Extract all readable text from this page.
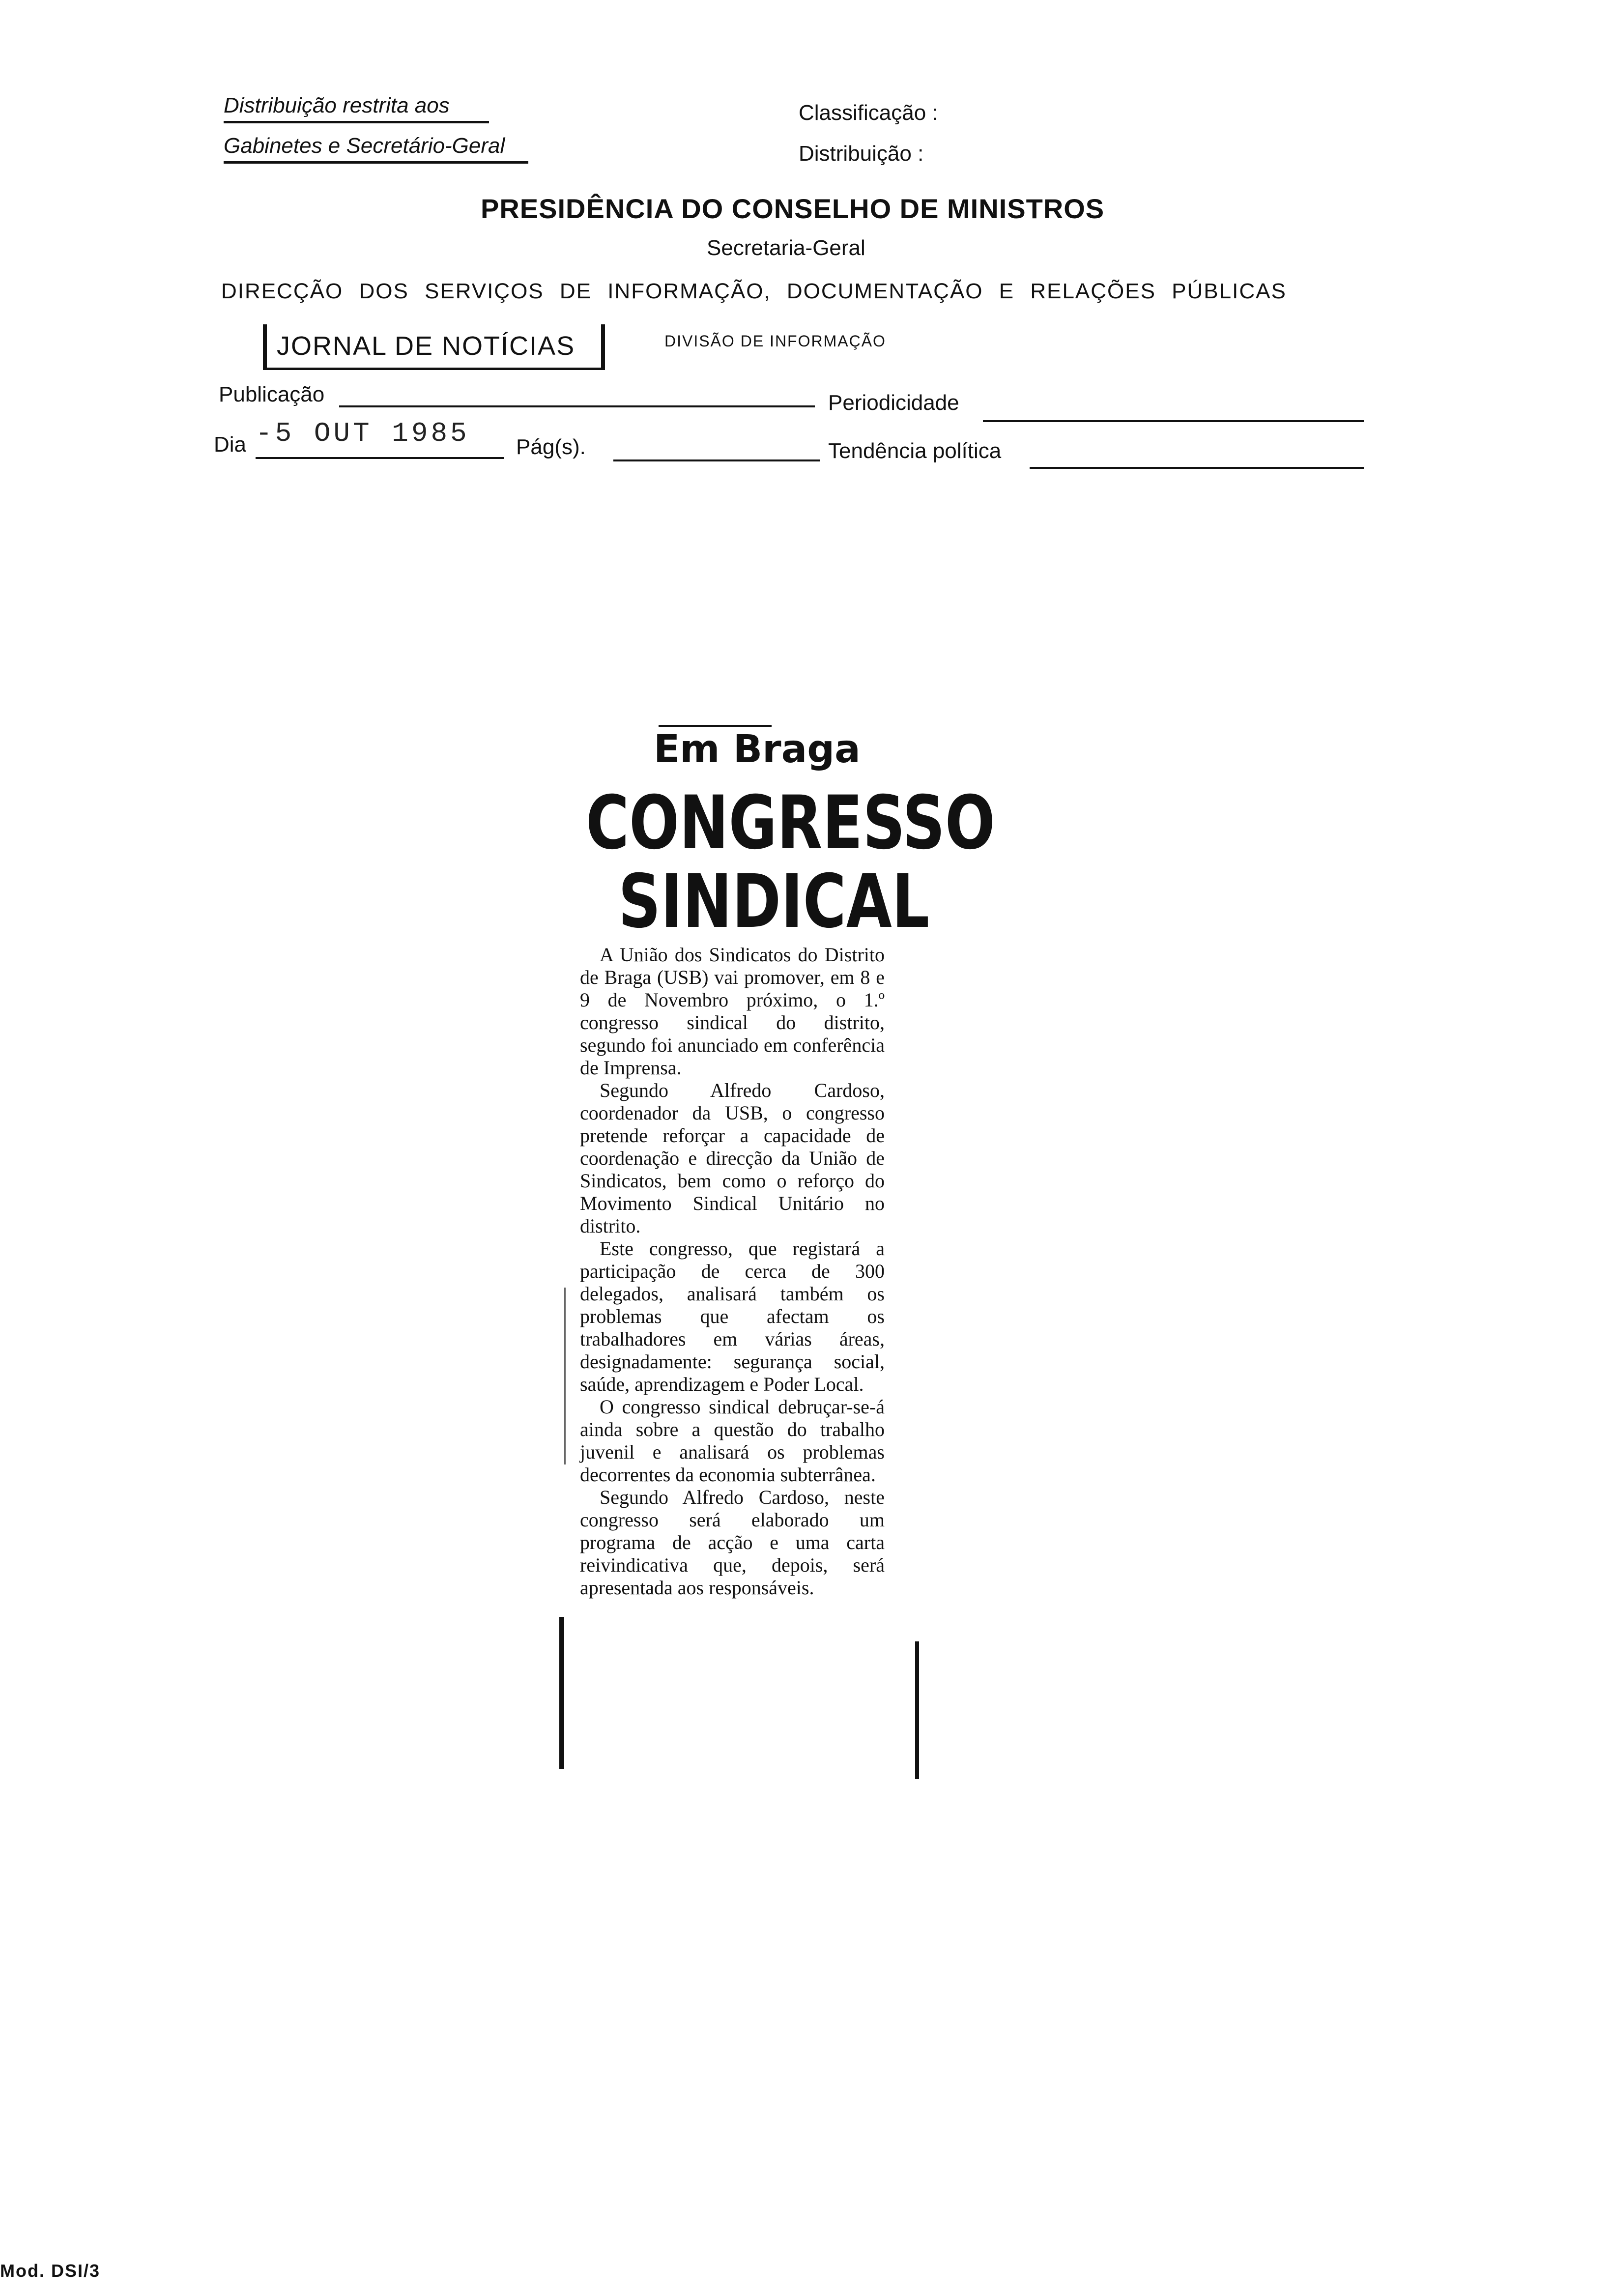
Distribuição restrita aos
Gabinetes e Secretário-Geral
Classificação :
Distribuição :
PRESIDÊNCIA DO CONSELHO DE MINISTROS
Secretaria-Geral
DIRECÇÃO DOS SERVIÇOS DE INFORMAÇÃO, DOCUMENTAÇÃO E RELAÇÕES PÚBLICAS
JORNAL DE NOTÍCIAS	DIVISÃO DE INFORMAÇÃO
Publicação	Periodicidade
Dia -5 OUT 1985 Pág(s).	Tendência política
Em Braga
CONGRESSO
SINDICAL

A União dos Sindicatos do Distrito de Braga (USB) vai promover, em 8 e 9 de Novembro próximo, o 1.º congresso sindical do distrito, segundo foi anunciado em conferência de Imprensa.

Segundo Alfredo Cardoso, coordenador da USB, o congresso pretende reforçar a capacidade de coordenação e direcção da União de Sindicatos, bem como o reforço do Movimento Sindical Unitário no distrito.

Este congresso, que registará a participação de cerca de 300 delegados, analisará também os problemas que afectam os trabalhadores em várias áreas, designadamente: segurança social, saúde, aprendizagem e Poder Local.

O congresso sindical debruçar-se-á ainda sobre a questão do trabalho juvenil e analisará os problemas decorrentes da economia subterrânea.

Segundo Alfredo Cardoso, neste congresso será elaborado um programa de acção e uma carta reivindicativa que, depois, será apresentada aos responsáveis.

Mod. DSI/3
